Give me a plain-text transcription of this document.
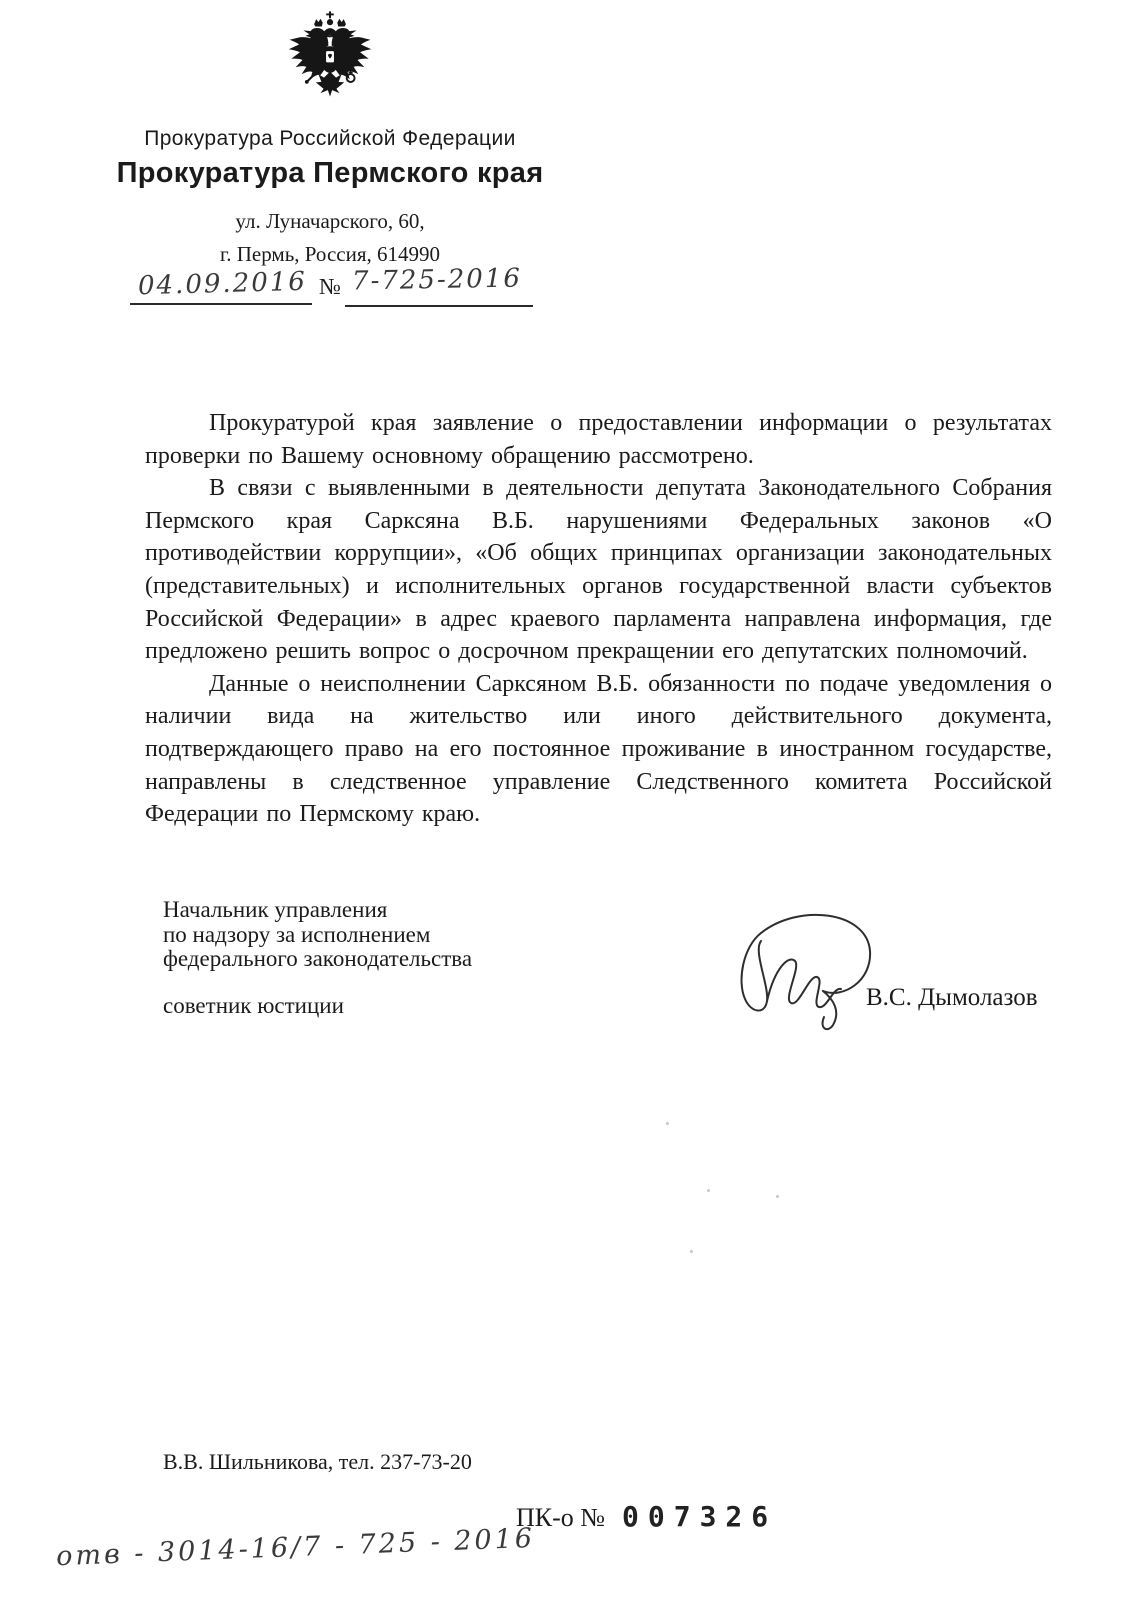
Прокуратура Российской Федерации
Прокуратура Пермского края
ул. Луначарского, 60,
г. Пермь, Россия, 614990
04.09.2016 № 7-725-2016

Прокуратурой края заявление о предоставлении информации о результатах проверки по Вашему основному обращению рассмотрено.

В связи с выявленными в деятельности депутата Законодательного Собрания Пермского края Сарксяна В.Б. нарушениями Федеральных законов «О противодействии коррупции», «Об общих принципах организации законодательных (представительных) и исполнительных органов государственной власти субъектов Российской Федерации» в адрес краевого парламента направлена информация, где предложено решить вопрос о досрочном прекращении его депутатских полномочий.

Данные о неисполнении Сарксяном В.Б. обязанности по подаче уведомления о наличии вида на жительство или иного действительного документа, подтверждающего право на его постоянное проживание в иностранном государстве, направлены в следственное управление Следственного комитета Российской Федерации по Пермскому краю.

Начальник управления
по надзору за исполнением
федерального законодательства
советник юстиции	В.С. Дымолазов
В.В. Шильникова, тел. 237-73-20
ПК-о № 007326
отв - 3014-16/7 - 725 - 2016
